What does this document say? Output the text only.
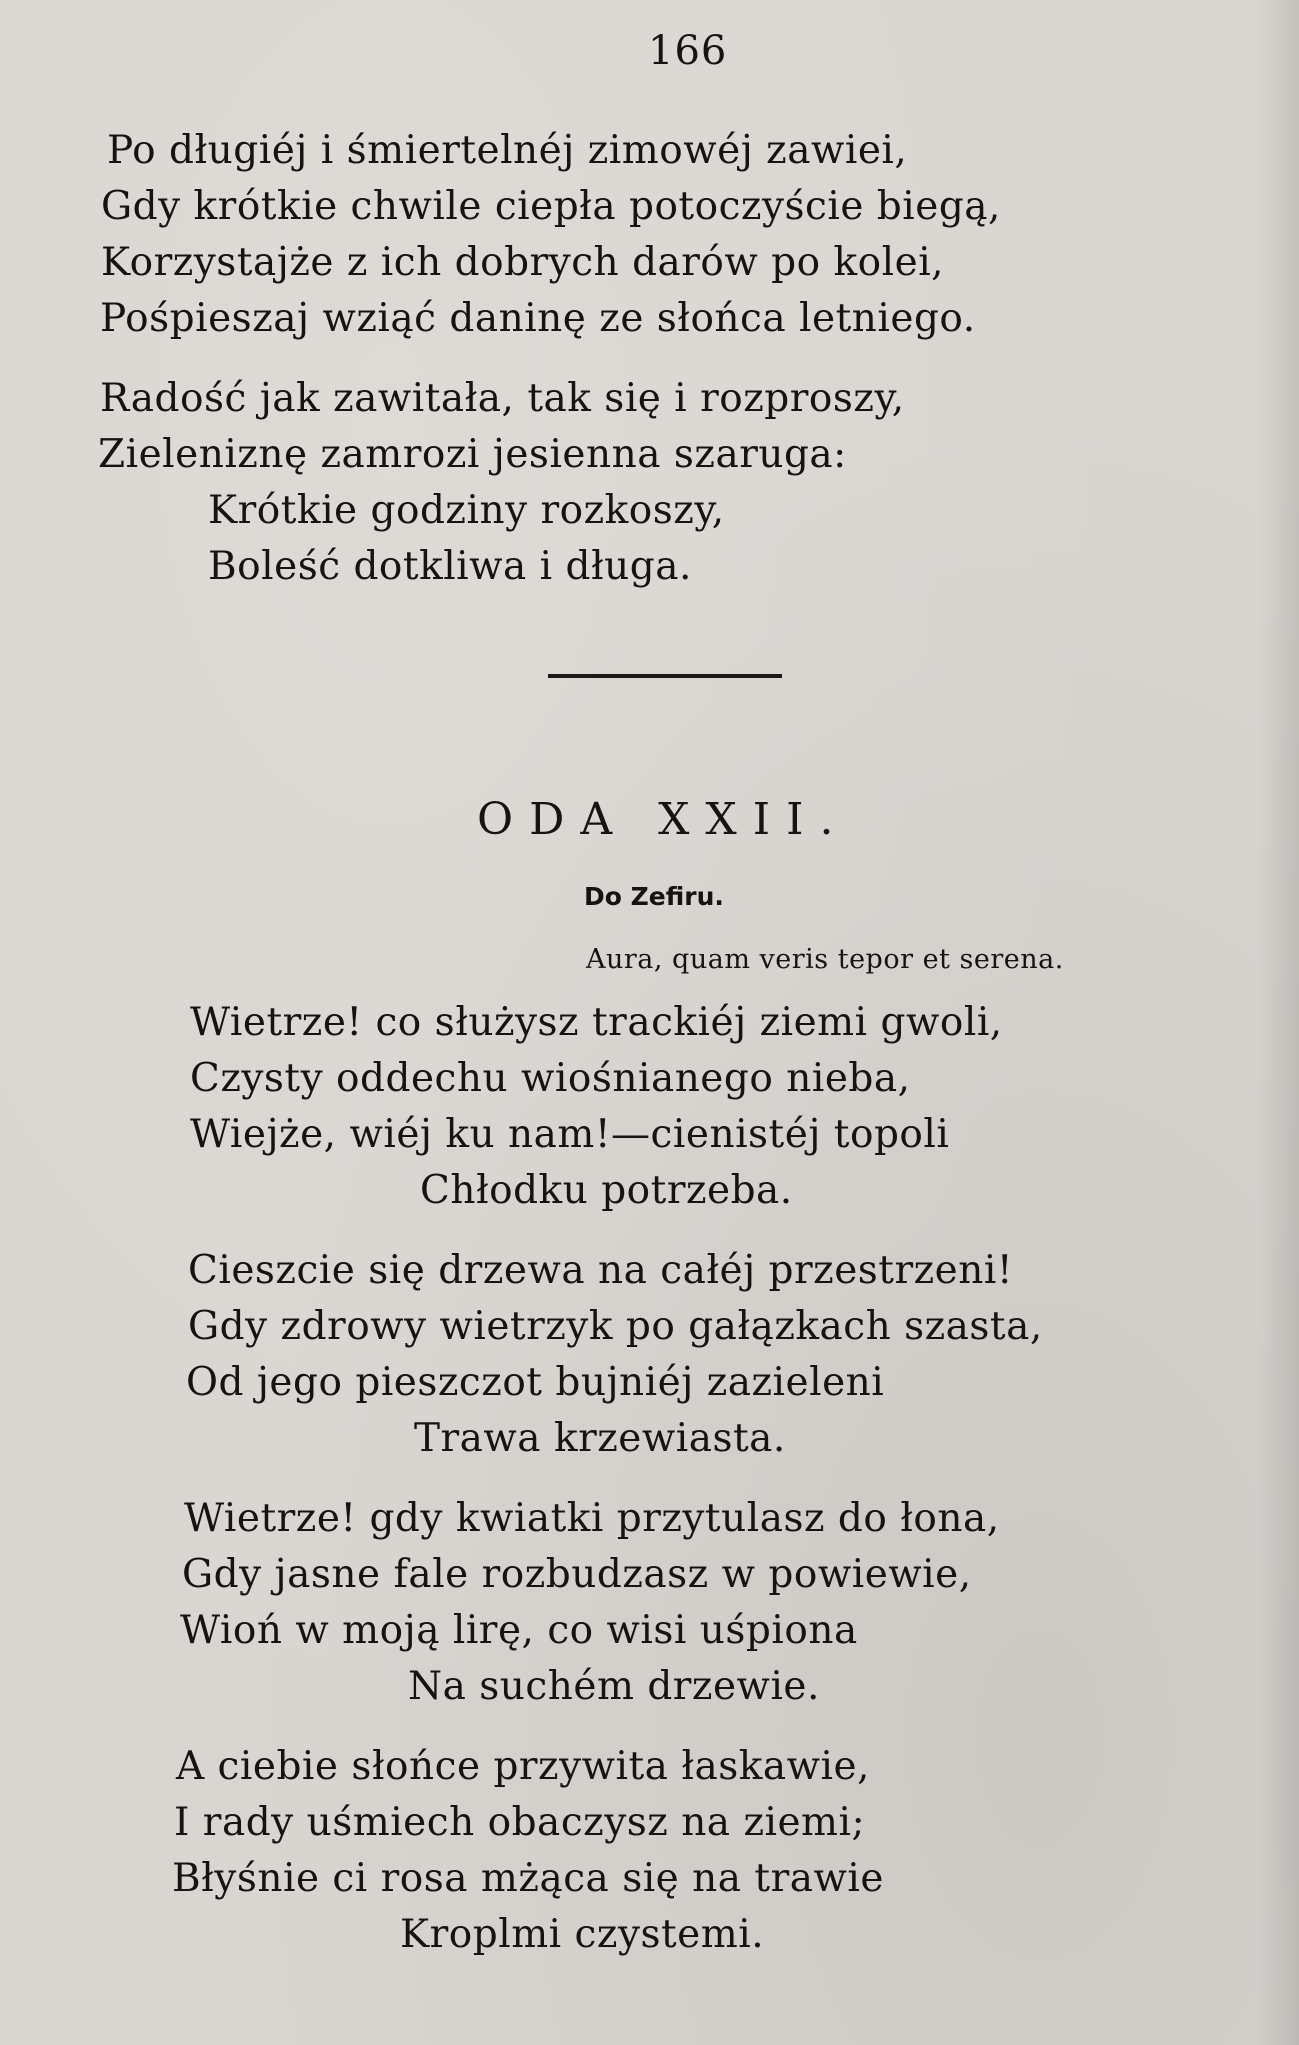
166
Po długiéj i śmiertelnéj zimowéj zawiei,
Gdy krótkie chwile ciepła potoczyście biegą,
Korzystajże z ich dobrych darów po kolei,
Pośpieszaj wziąć daninę ze słońca letniego.
Radość jak zawitała, tak się i rozproszy,
Zieleniznę zamrozi jesienna szaruga:
Krótkie godziny rozkoszy,
Boleść dotkliwa i długa.
ODA XXII.
Do Zefiru.
Aura, quam veris tepor et serena.
Wietrze! co służysz trackiéj ziemi gwoli,
Czysty oddechu wiośnianego nieba,
Wiejże, wiéj ku nam!—cienistéj topoli
Chłodku potrzeba.
Cieszcie się drzewa na całéj przestrzeni!
Gdy zdrowy wietrzyk po gałązkach szasta,
Od jego pieszczot bujniéj zazieleni
Trawa krzewiasta.
Wietrze! gdy kwiatki przytulasz do łona,
Gdy jasne fale rozbudzasz w powiewie,
Wioń w moją lirę, co wisi uśpiona
Na suchém drzewie.
A ciebie słońce przywita łaskawie,
I rady uśmiech obaczysz na ziemi;
Błyśnie ci rosa mżąca się na trawie
Kroplmi czystemi.
